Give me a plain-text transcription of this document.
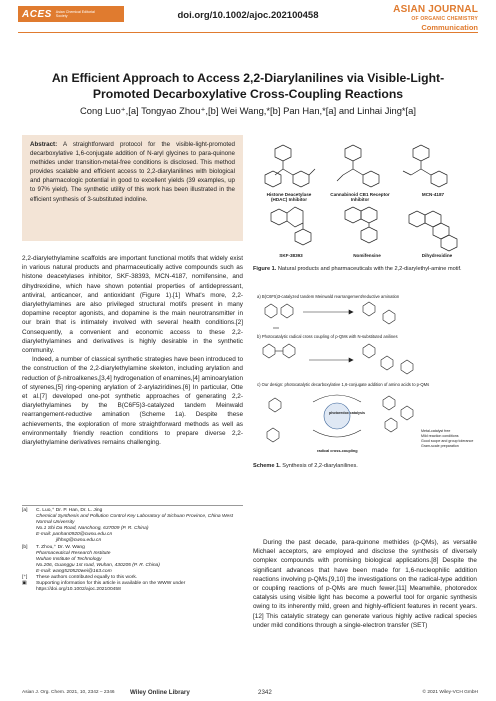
ACES Asian Chemical Editorial Society	doi.org/10.1002/ajoc.202100458
ASIAN JOURNAL
OF ORGANIC CHEMISTRY
Communication
An Efficient Approach to Access 2,2-Diarylanilines via Visible-Light-Promoted Decarboxylative Cross-Coupling Reactions
Cong Luo⁺,[a] Tongyao Zhou⁺,[b] Wei Wang,*[b] Pan Han,*[a] and Linhai Jing*[a]
Abstract: A straightforward protocol for the visible-light-promoted decarboxylative 1,6-conjugate addition of N-aryl glycines to para-quinone methides under transition-metal-free conditions is disclosed. This method provides scalable and efficient access to 2,2-diarylanilines with biological and pharmacologic potential in good to excellent yields (39 examples, up to 97% yield). The synthetic utility of this work has been illustrated in the efficient synthesis of 3-substituted indoline.
Histone Deacetylase (HDAC) Inhibitor
Cannabinoid CB1 Receptor Inhibitor
MCN-4187
SKF-38393	Nomifensine	Dihydrexidine
Figure 1. Natural products and pharmaceuticals with the 2,2-diarylethyl-amine motif.
a) B(C6F5)3-catalyzed tandem Meinwald rearrangement/reductive amination
b) Photocatalytic radical cross coupling of p-QMs with N-substituted anilines
c) Our design: photocatalytic decarboxylative 1,6-conjugate addition of amino acids to p-QMs
photoredox catalysis
radical cross-coupling
Metal-catalyst free
Mild reaction conditions
Good scope and group tolerance
Gram-scale preparation
Scheme 1. Synthesis of 2,2-diarylanilines.

2,2-diarylethylamine scaffolds are important functional motifs that widely exist in various natural products and pharmaceutically active compounds such as histone deacetylases inhibitor, SKF-38393, MCN-4187, nomifensine, and dihydrexidine, which have shown potential properties of antidepressant, antiviral, anticancer, and antioxidant (Figure 1).[1] What's more, 2,2-diarylethylamines are also privileged structural motifs present in many dopamine receptor agonists, and dopamine is the main neurotransmitter in our brain that is intimately involved with several health conditions.[2] Consequently, a convenient and economic access to these 2,2-diarylethylamines and derivatives is highly desirable in the synthetic community.

Indeed, a number of classical synthetic strategies have been introduced to the construction of the 2,2-diarylethylamine skeleton, including arylation and reduction of β-nitroalkenes,[3,4] hydrogenation of enamines,[4] aminoarylation of styrenes,[5] ring-opening arylation of 2-arylaziridines.[6] In particular, Otte et al.[7] developed one-pot synthetic approaches of generating 2,2-diarylethylamines by the B(C6F5)3-catalyzed tandem Meinwald rearrangement-reductive amination (Scheme 1a). Despite these achievements, the exploration of more straightforward methods as well as environmentally friendly reaction conditions to prepare diverse 2,2-diarylethylamine derivatives remains challenging.

[a]	C. Luo,⁺ Dr. P. Han, Dr. L. Jing
Chemical Synthesis and Pollution Control Key Laboratory of Sichuan Province, China West Normal University
No.1 Shi Da Road, Nanchong, 637009 (P. R. China)
E-mail: panhan0920@cwnu.edu.cn
jlhhxg@cwnu.edu.cn
[b]	T. Zhou,⁺ Dr. W. Wang
Pharmaceutical Research Institute
Wuhan Institute of Technology
No.206, Guanggu 1st road, Wuhan, 430205 (P. R. China)
E-mail: wang520520wei@163.com
[⁺]	These authors contributed equally to this work.
▣	Supporting information for this article is available on the WWW under https://doi.org/10.1002/ajoc.202100458

During the past decade, para-quinone methides (p-QMs), as versatile Michael acceptors, are employed and disclose the synthesis of diversely complex compounds with promising biological applications.[8] Despite the significant advances that have been made for 1,6-nucleophilic addition reactions involving p-QMs,[9,10] the investigations on the radical-type addition or coupling reactions of p-QMs are much fewer.[11] Meanwhile, photoredox catalysis using visible light has become a powerful tool for organic synthesis owing to its inherently mild, green and highly-efficient features in recent years.[12] This catalytic strategy can generate various highly active radical species under mild conditions through a single-electron transfer (SET)

Asian J. Org. Chem. 2021, 10, 2342 – 2346 Wiley Online Library	2342	© 2021 Wiley-VCH GmbH
